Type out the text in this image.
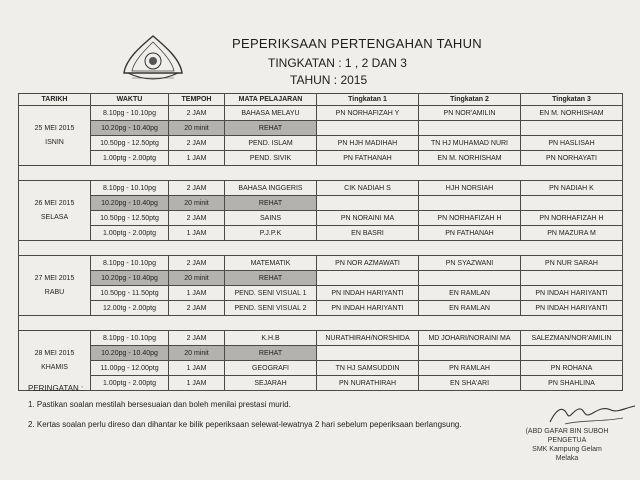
PEPERIKSAAN PERTENGAHAN TAHUN
TINGKATAN : 1 , 2 DAN 3
TAHUN : 2015
TARIKH	WAKTU	TEMPOH	MATA PELAJARAN	Tingkatan 1	Tingkatan 2	Tingkatan 3

25 MEI 2015
ISNIN	8.10pg - 10.10pg	2 JAM	BAHASA MELAYU	PN NORHAFIZAH Y	PN NOR'AMILIN	EN M. NORHISHAM
	10.20pg - 10.40pg	20 minit	REHAT			
	10.50pg - 12.50ptg	2 JAM	PEND. ISLAM	PN HJH MADIHAH	TN HJ MUHAMAD NURI	PN HASLISAH
	1.00ptg - 2.00ptg	1 JAM	PEND. SIVIK	PN FATHANAH	EN M. NORHISHAM	PN NORHAYATI

26 MEI 2015
SELASA	8.10pg - 10.10pg	2 JAM	BAHASA INGGERIS	CIK NADIAH S	HJH NORSIAH	PN NADIAH K
	10.20pg - 10.40pg	20 minit	REHAT			
	10.50pg - 12.50ptg	2 JAM	SAINS	PN NORAINI MA	PN NORHAFIZAH H	PN NORHAFIZAH H
	1.00ptg - 2.00ptg	1 JAM	P.J.P.K	EN BASRI	PN FATHANAH	PN MAZURA M

27 MEI 2015
RABU	8.10pg - 10.10pg	2 JAM	MATEMATIK	PN NOR AZMAWATI	PN SYAZWANI	PN NUR SARAH
	10.20pg - 10.40pg	20 minit	REHAT			
	10.50pg - 11.50ptg	1 JAM	PEND. SENI VISUAL 1	PN INDAH HARIYANTI	EN RAMLAN	PN INDAH HARIYANTI
	12.00tg - 2.00ptg	2 JAM	PEND. SENI VISUAL 2	PN INDAH HARIYANTI	EN RAMLAN	PN INDAH HARIYANTI

28 MEI 2015
KHAMIS	8.10pg - 10.10pg	2 JAM	K.H.B	NURATHIRAH/NORSHIDA	MD JOHARI/NORAINI MA	SALEZMAN/NOR'AMILIN
	10.20pg - 10.40pg	20 minit	REHAT			
	11.00pg - 12.00ptg	1 JAM	GEOGRAFI	TN HJ SAMSUDDIN	PN RAMLAH	PN ROHANA
	1.00ptg - 2.00ptg	1 JAM	SEJARAH	PN NURATHIRAH	EN SHA'ARI	PN SHAHLINA
PERINGATAN :
1. Pastikan soalan mestilah bersesuaian dan boleh menilai prestasi murid.
2. Kertas soalan perlu direso dan dihantar ke bilik peperiksaan selewat-lewatnya 2 hari sebelum peperiksaan berlangsung.
(ABD GAFAR BIN SUBOH
PENGETUA
SMK Kampung Gelam
Melaka
